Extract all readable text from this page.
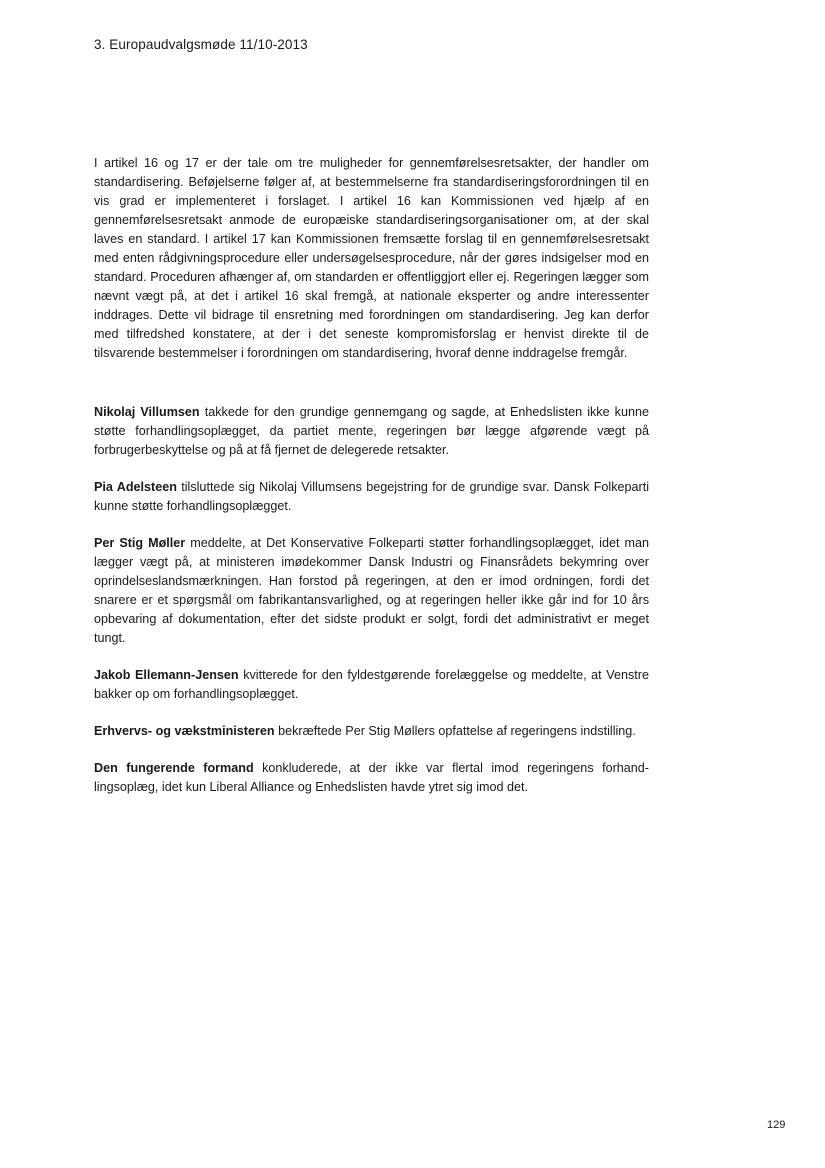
3. Europaudvalgsmøde 11/10-2013

I artikel 16 og 17 er der tale om tre muligheder for gennemførelsesretsakter, der handler om standardisering. Beføjelserne følger af, at bestemmelserne fra standardiseringsforordningen til en vis grad er implementeret i forslaget. I artikel 16 kan Kommissionen ved hjælp af en gennemførelsesretsakt anmode de europæiske standardiseringsorganisationer om, at der skal laves en standard. I artikel 17 kan Kommissionen fremsætte forslag til en gennemførelsesretsakt med enten rådgivningsprocedure eller undersøgelsesprocedure, når der gøres indsigelser mod en standard. Proceduren afhænger af, om standarden er offentliggjort eller ej. Regeringen lægger som nævnt vægt på, at det i artikel 16 skal fremgå, at nationale eksperter og andre interessenter inddrages. Dette vil bidrage til ensretning med forordningen om standardisering. Jeg kan derfor med tilfredshed konstatere, at der i det seneste kompromisforslag er henvist direkte til de tilsvarende bestemmelser i forordningen om standardisering, hvoraf denne inddragelse fremgår.

Nikolaj Villumsen takkede for den grundige gennemgang og sagde, at Enhedslisten ikke kunne støtte forhandlingsoplægget, da partiet mente, regeringen bør lægge afgørende vægt på forbrugerbeskyttelse og på at få fjernet de delegerede retsakter.

Pia Adelsteen tilsluttede sig Nikolaj Villumsens begejstring for de grundige svar. Dansk Folkeparti kunne støtte forhandlingsoplægget.

Per Stig Møller meddelte, at Det Konservative Folkeparti støtter forhandlingsoplægget, idet man lægger vægt på, at ministeren imødekommer Dansk Industri og Finansrådets bekymring over oprindelseslandsmærkningen. Han forstod på regeringen, at den er imod ordningen, fordi det snarere er et spørgsmål om fabrikantansvarlighed, og at regeringen heller ikke går ind for 10 års opbevaring af dokumentation, efter det sidste produkt er solgt, fordi det administrativt er meget tungt.

Jakob Ellemann-Jensen kvitterede for den fyldestgørende forelæggelse og meddelte, at Venstre bakker op om forhandlingsoplægget.

Erhvervs- og vækstministeren bekræftede Per Stig Møllers opfattelse af regeringens indstilling.

Den fungerende formand konkluderede, at der ikke var flertal imod regeringens forhandlingsoplæg, idet kun Liberal Alliance og Enhedslisten havde ytret sig imod det.

129
